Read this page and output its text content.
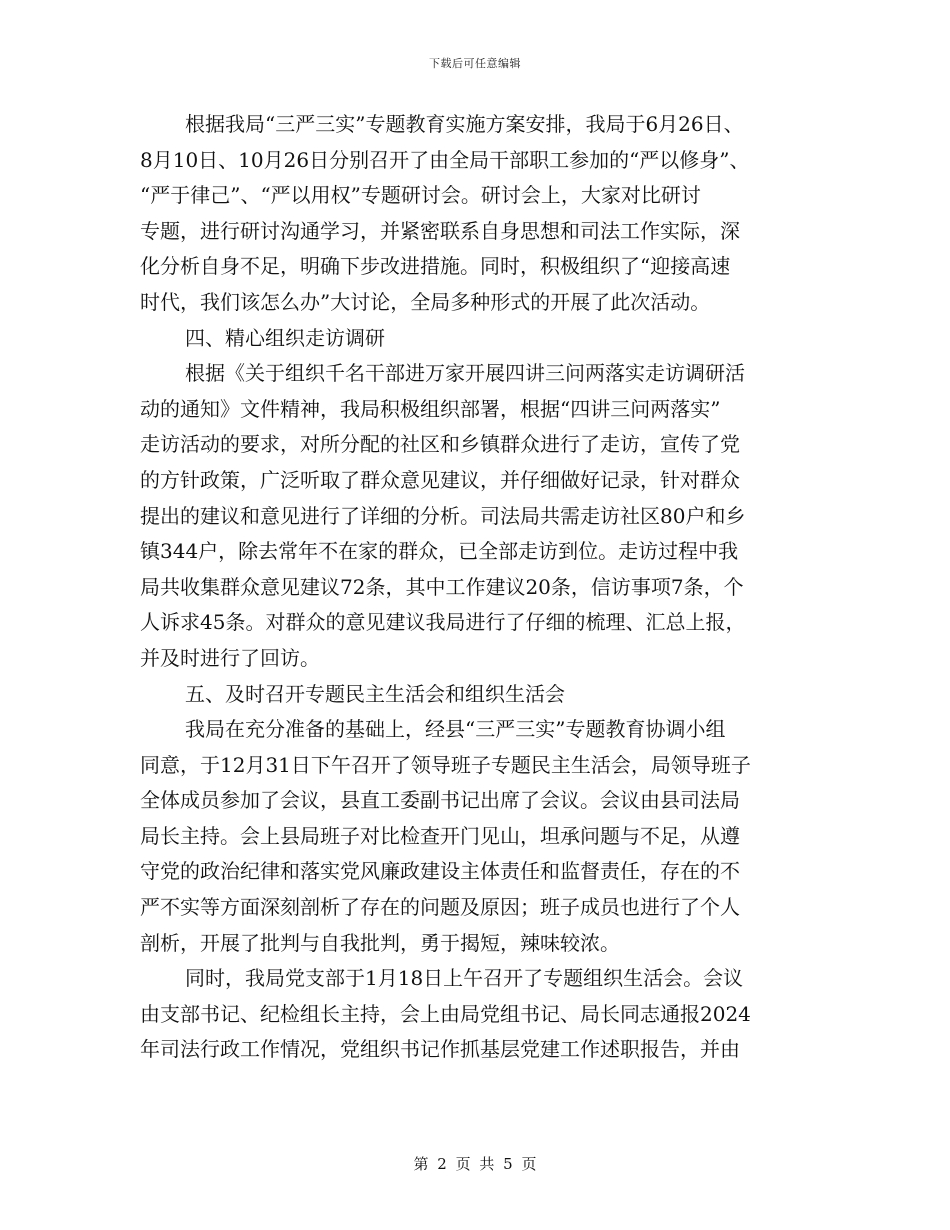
下载后可任意编辑
根据我局“三严三实”专题教育实施方案安排，我局于6月26日、
8月10日、10月26日分别召开了由全局干部职工参加的“严以修身”、
“严于律己”、“严以用权”专题研讨会。研讨会上，大家对比研讨
专题，进行研讨沟通学习，并紧密联系自身思想和司法工作实际，深
化分析自身不足，明确下步改进措施。同时，积极组织了“迎接高速
时代，我们该怎么办”大讨论，全局多种形式的开展了此次活动。
四、精心组织走访调研
根据《关于组织千名干部进万家开展四讲三问两落实走访调研活
动的通知》文件精神，我局积极组织部署，根据“四讲三问两落实”
走访活动的要求，对所分配的社区和乡镇群众进行了走访，宣传了党
的方针政策，广泛听取了群众意见建议，并仔细做好记录，针对群众
提出的建议和意见进行了详细的分析。司法局共需走访社区80户和乡
镇344户，除去常年不在家的群众，已全部走访到位。走访过程中我
局共收集群众意见建议72条，其中工作建议20条，信访事项7条，个
人诉求45条。对群众的意见建议我局进行了仔细的梳理、汇总上报，
并及时进行了回访。
五、及时召开专题民主生活会和组织生活会
我局在充分准备的基础上，经县“三严三实”专题教育协调小组
同意，于12月31日下午召开了领导班子专题民主生活会，局领导班子
全体成员参加了会议，县直工委副书记出席了会议。会议由县司法局
局长主持。会上县局班子对比检查开门见山，坦承问题与不足，从遵
守党的政治纪律和落实党风廉政建设主体责任和监督责任，存在的不
严不实等方面深刻剖析了存在的问题及原因；班子成员也进行了个人
剖析，开展了批判与自我批判，勇于揭短，辣味较浓。
同时，我局党支部于1月18日上午召开了专题组织生活会。会议
由支部书记、纪检组长主持，会上由局党组书记、局长同志通报2024
年司法行政工作情况，党组织书记作抓基层党建工作述职报告，并由
第 2 页 共 5 页
